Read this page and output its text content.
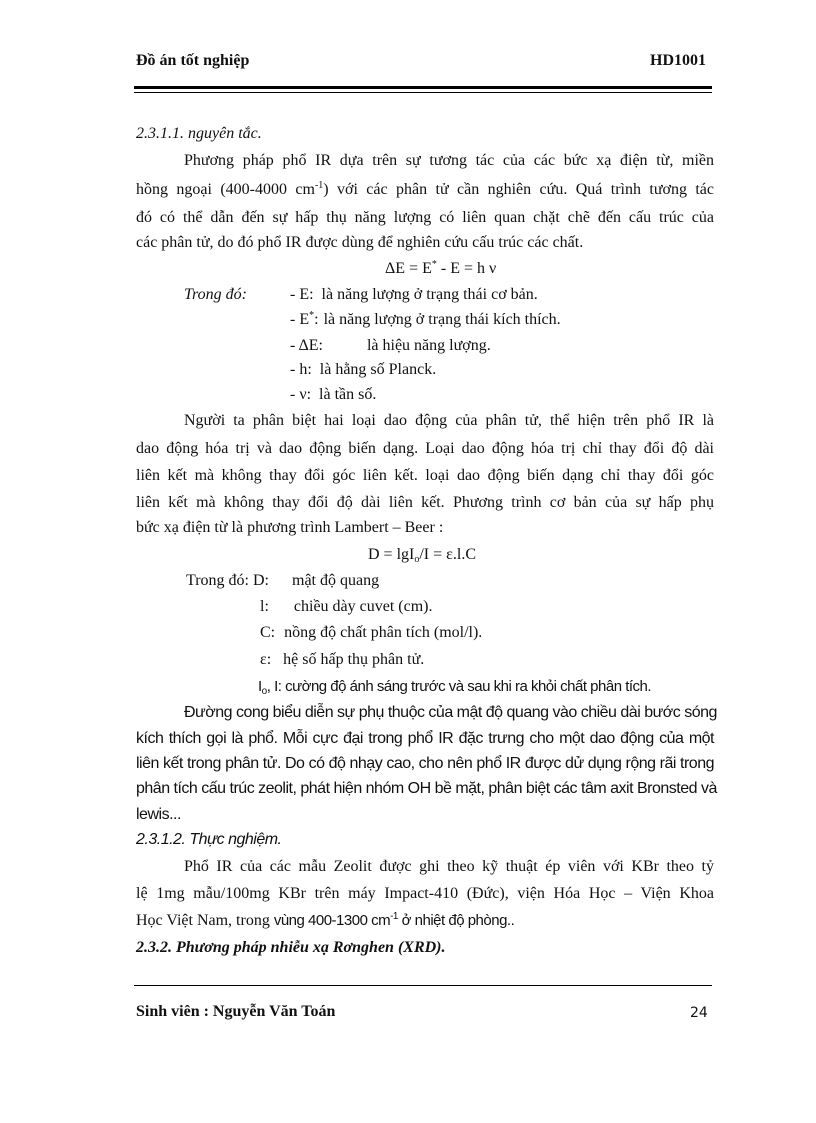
Đồ án tốt nghiệp	HD1001
2.3.1.1. nguyên tắc.
Phương pháp phổ IR dựa trên sự tương tác của các bức xạ điện từ, miền
hồng ngoại (400-4000 $cm^{-1}$) với các phân tử cần nghiên cứu. Quá trình tương tác
đó có thể dẫn đến sự hấp thụ năng lượng có liên quan chặt chẽ đến cấu trúc của
các phân tử, do đó phổ IR được dùng để nghiên cứu cấu trúc các chất.
ΔE = E* - E = h ν
Trong đó:	- E: là năng lượng ở trạng thái cơ bản.
- E*: là năng lượng ở trạng thái kích thích.
- ΔE:	là hiệu năng lượng.
- h: là hằng số Planck.
- ν: là tần số.
Người ta phân biệt hai loại dao động của phân tử, thể hiện trên phổ IR là
dao động hóa trị và dao động biến dạng. Loại dao động hóa trị chỉ thay đổi độ dài
liên kết mà không thay đổi góc liên kết. loại dao động biến dạng chỉ thay đổi góc
liên kết mà không thay đổi độ dài liên kết. Phương trình cơ bản của sự hấp phụ
bức xạ điện từ là phương trình Lambert – Beer :
D = lgI$_o$/I = ε.l.C
Trong đó: D: mật độ quang
l: chiều dày cuvet (cm).
C: nồng độ chất phân tích (mol/l).
ε: hệ số hấp thụ phân tử.
$I_o$, I: cường độ ánh sáng trước và sau khi ra khỏi chất phân tích.
Đường cong biểu diễn sự phụ thuộc của mật độ quang vào chiều dài bước sóng
kích thích gọi là phổ. Mỗi cực đại trong phổ IR đặc trưng cho một dao động của một
liên kết trong phân tử. Do có độ nhạy cao, cho nên phổ IR được dử dụng rộng rãi trong
phân tích cấu trúc zeolit, phát hiện nhóm OH bề mặt, phân biệt các tâm axit Bronsted và
lewis...
2.3.1.2. Thực nghiệm.
Phổ IR của các mẫu Zeolit được ghi theo kỹ thuật ép viên với KBr theo tỷ
lệ 1mg mẫu/100mg KBr trên máy Impact-410 (Đức), viện Hóa Học – Viện Khoa
Học Việt Nam, trong vùng 400-1300 $cm^{-1}$ ở nhiệt độ phòng..
2.3.2. Phương pháp nhiễu xạ Rơnghen (XRD).
Sinh viên : Nguyễn Văn Toán	24
